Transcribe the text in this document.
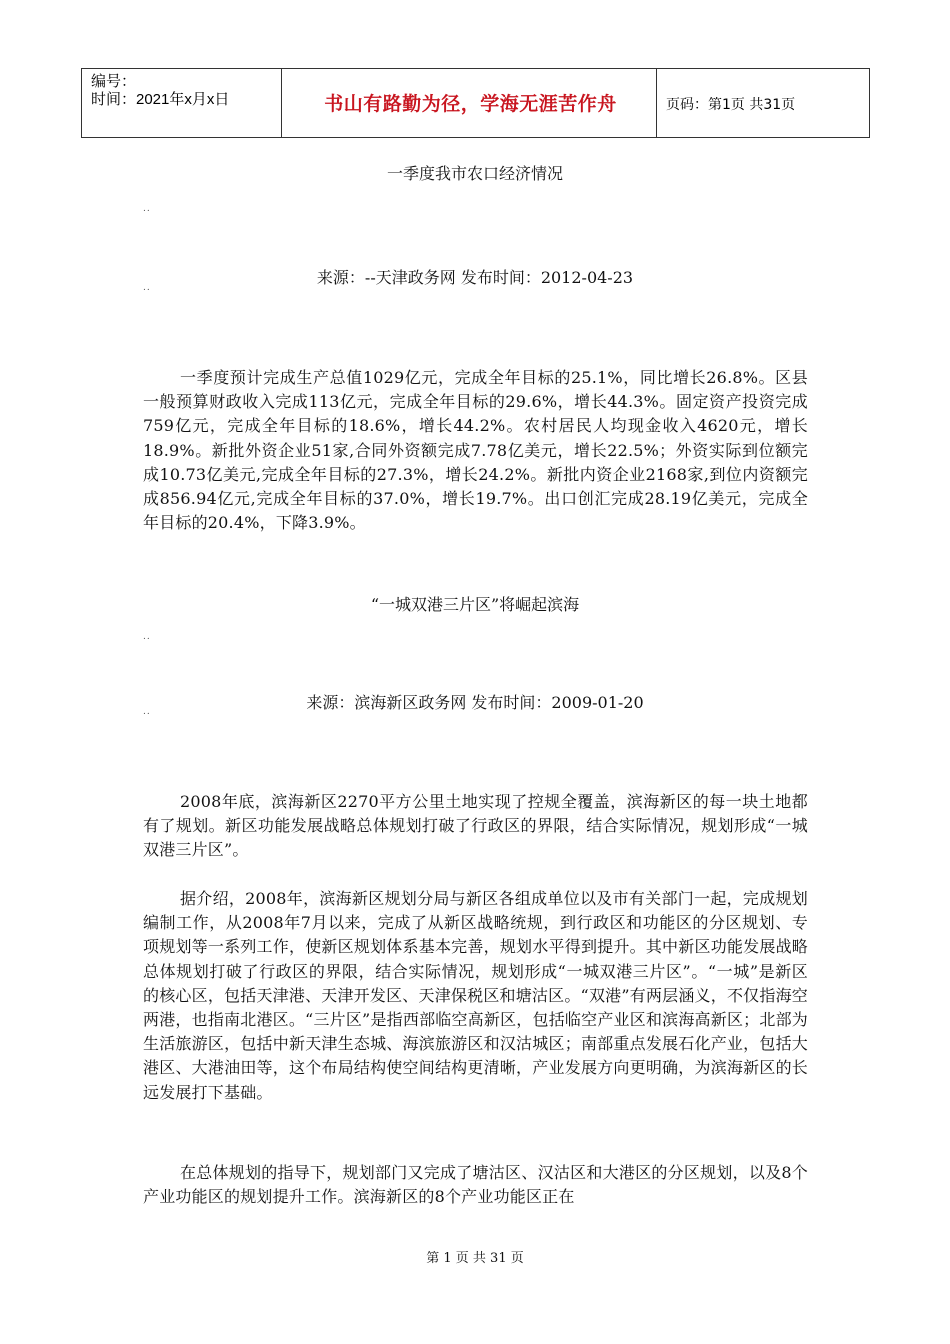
编号：
时间：2021年x月x日	书山有路勤为径，学海无涯苦作舟	页码：第1页 共31页
一季度我市农口经济情况
..
来源：--天津政务网 发布时间：2012-04-23
..
一季度预计完成生产总值1029亿元，完成全年目标的25.1%，同比增长26.8%。区县一般预算财政收入完成113亿元，完成全年目标的29.6%，增长44.3%。固定资产投资完成759亿元，完成全年目标的18.6%，增长44.2%。农村居民人均现金收入4620元，增长18.9%。新批外资企业51家,合同外资额完成7.78亿美元，增长22.5%；外资实际到位额完成10.73亿美元,完成全年目标的27.3%，增长24.2%。新批内资企业2168家,到位内资额完成856.94亿元,完成全年目标的37.0%，增长19.7%。出口创汇完成28.19亿美元，完成全年目标的20.4%，下降3.9%。
“一城双港三片区”将崛起滨海
..
来源：滨海新区政务网 发布时间：2009-01-20
..
2008年底，滨海新区2270平方公里土地实现了控规全覆盖，滨海新区的每一块土地都有了规划。新区功能发展战略总体规划打破了行政区的界限，结合实际情况，规划形成“一城双港三片区”。
据介绍，2008年，滨海新区规划分局与新区各组成单位以及市有关部门一起，完成规划编制工作，从2008年7月以来，完成了从新区战略统规，到行政区和功能区的分区规划、专项规划等一系列工作，使新区规划体系基本完善，规划水平得到提升。其中新区功能发展战略总体规划打破了行政区的界限，结合实际情况，规划形成“一城双港三片区”。“一城”是新区的核心区，包括天津港、天津开发区、天津保税区和塘沽区。“双港”有两层涵义，不仅指海空两港，也指南北港区。“三片区”是指西部临空高新区，包括临空产业区和滨海高新区；北部为生活旅游区，包括中新天津生态城、海滨旅游区和汉沽城区；南部重点发展石化产业，包括大港区、大港油田等，这个布局结构使空间结构更清晰，产业发展方向更明确，为滨海新区的长远发展打下基础。
在总体规划的指导下，规划部门又完成了塘沽区、汉沽区和大港区的分区规划，以及8个产业功能区的规划提升工作。滨海新区的8个产业功能区正在
第 1 页 共 31 页
